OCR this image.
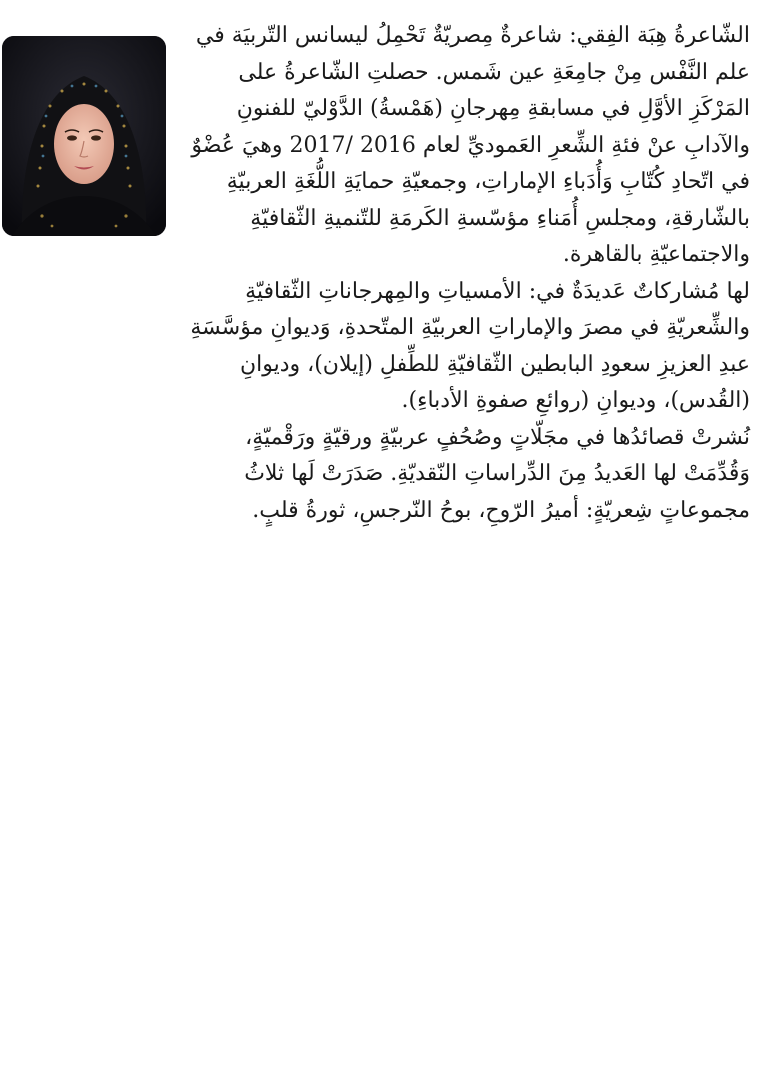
الشّاعرةُ هِبَة الفِقي: شاعرةٌ مِصريّةٌ تَحْمِلُ ليسانس التّربيَة في علم النَّفْس مِنْ جامِعَةِ عين شَمس. حصلتِ الشّاعرةُ على المَرْكَزِ الأوَّلِ في مسابقةِ مِهرجانِ (هَمْسةُ) الدَّوْليّ للفنونِ والآدابِ عنْ فئةِ الشِّعرِ العَموديِّ لعام 2016 /2017 وهيَ عُضْوٌ في اتّحادِ كُتّابِ وَأُدَباءِ الإماراتِ، وجمعيّةِ حمايَةِ اللُّغَةِ العربيّةِ بالشّارقةِ، ومجلسِ أُمَناءِ مؤسّسةِ الكَرمَةِ للتّنميةِ الثّقافيّةِ والاجتماعيّةِ بالقاهرة.

لها مُشاركاتٌ عَديدَةٌ في: الأمسياتِ والمِهرجاناتِ الثّقافيّةِ والشِّعريّةِ في مصرَ والإماراتِ العربيّةِ المتّحدةِ، وَديوانِ مؤسَّسَةِ عبدِ العزيزِ سعودِ البابطين الثّقافيّةِ للطِّفلِ (إيلان)، وديوانِ (القُدس)، وديوانِ (روائعِ صفوةِ الأدباءِ).

نُشرتْ قصائدُها في مجَلّاتٍ وصُحُفٍ عربيّةٍ ورقيّةٍ ورَقْميّةٍ، وَقُدِّمَتْ لها العَديدُ مِنَ الدِّراساتِ النّقديّةِ. صَدَرَتْ لَها ثلاثُ مجموعاتٍ شِعريّةٍ: أميرُ الرّوحِ، بوحُ النّرجسِ، ثورةُ قلبٍ.
